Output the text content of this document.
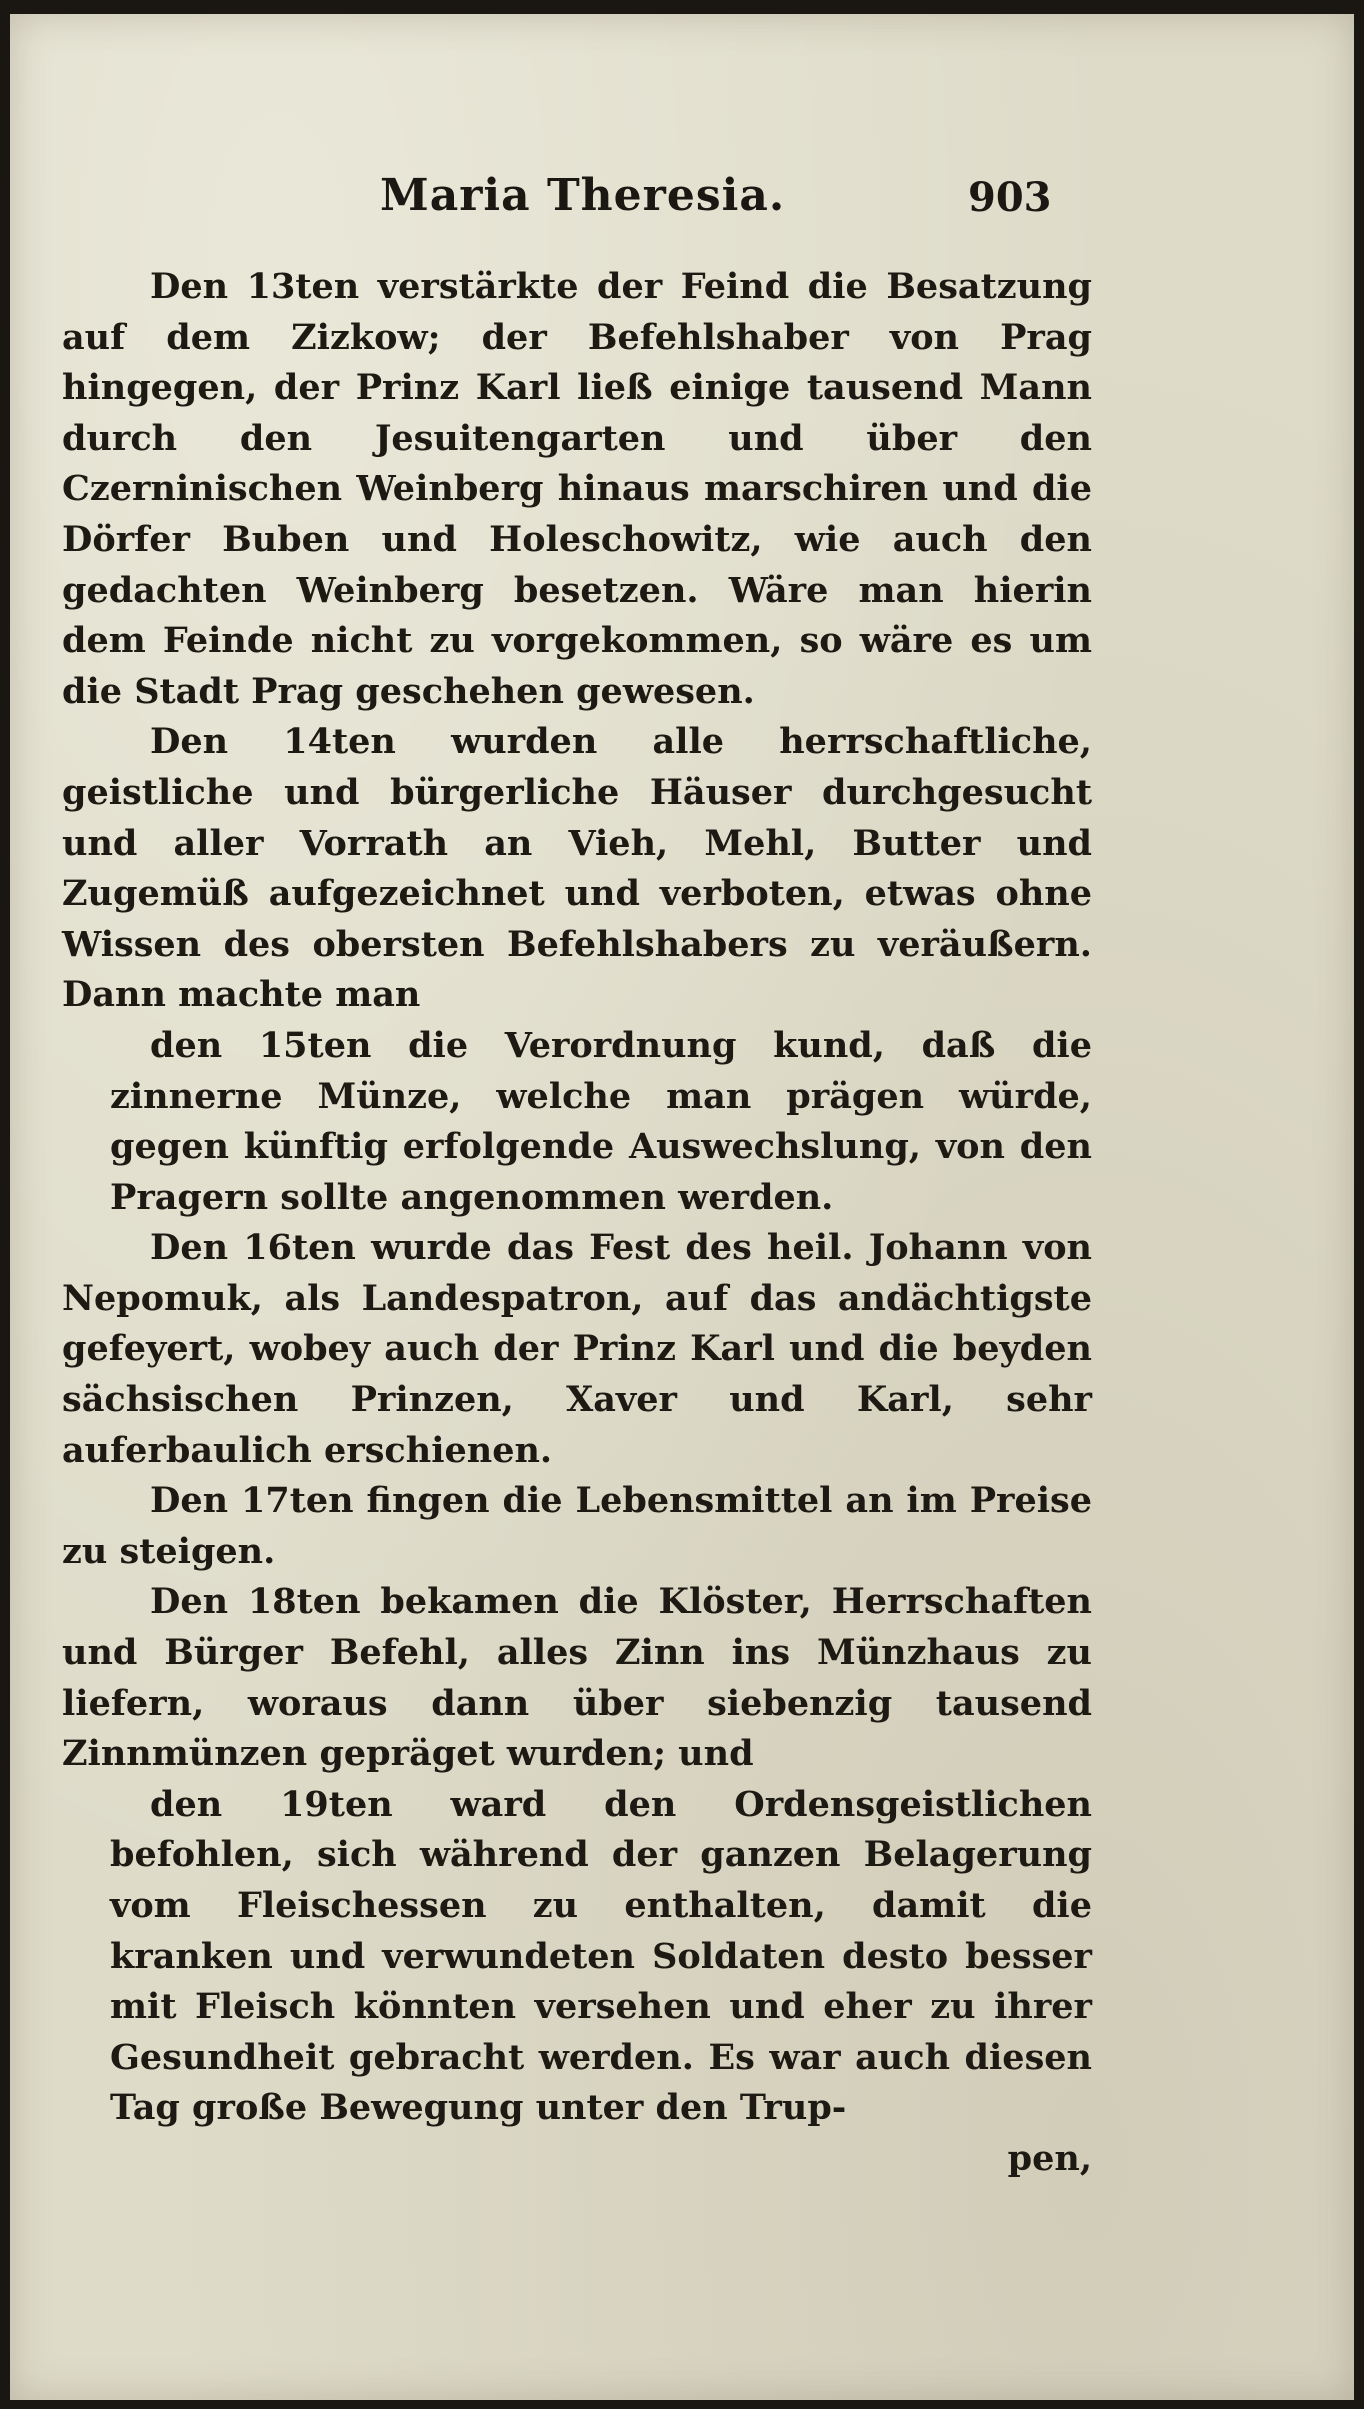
Maria Theresia.	903

Den 13ten verstärkte der Feind die Besatzung auf dem Zizkow; der Befehlshaber von Prag hingegen, der Prinz Karl ließ einige tausend Mann durch den Jesuitengarten und über den Czerninischen Weinberg hinaus marschiren und die Dörfer Buben und Holeschowitz, wie auch den gedachten Weinberg besetzen. Wäre man hierin dem Feinde nicht zu vorgekommen, so wäre es um die Stadt Prag geschehen gewesen.

Den 14ten wurden alle herrschaftliche, geistliche und bürgerliche Häuser durchgesucht und aller Vorrath an Vieh, Mehl, Butter und Zugemüß aufgezeichnet und verboten, etwas ohne Wissen des obersten Befehlshabers zu veräußern. Dann machte man

den 15ten die Verordnung kund, daß die zinnerne Münze, welche man prägen würde, gegen künftig erfolgende Auswechslung, von den Pragern sollte angenommen werden.

Den 16ten wurde das Fest des heil. Johann von Nepomuk, als Landespatron, auf das andächtigste gefeyert, wobey auch der Prinz Karl und die beyden sächsischen Prinzen, Xaver und Karl, sehr auferbaulich erschienen.

Den 17ten fingen die Lebensmittel an im Preise zu steigen.

Den 18ten bekamen die Klöster, Herrschaften und Bürger Befehl, alles Zinn ins Münzhaus zu liefern, woraus dann über siebenzig tausend Zinnmünzen gepräget wurden; und

den 19ten ward den Ordensgeistlichen befohlen, sich während der ganzen Belagerung vom Fleischessen zu enthalten, damit die kranken und verwundeten Soldaten desto besser mit Fleisch könnten versehen und eher zu ihrer Gesundheit gebracht werden. Es war auch diesen Tag große Bewegung unter den Trup-

pen,
